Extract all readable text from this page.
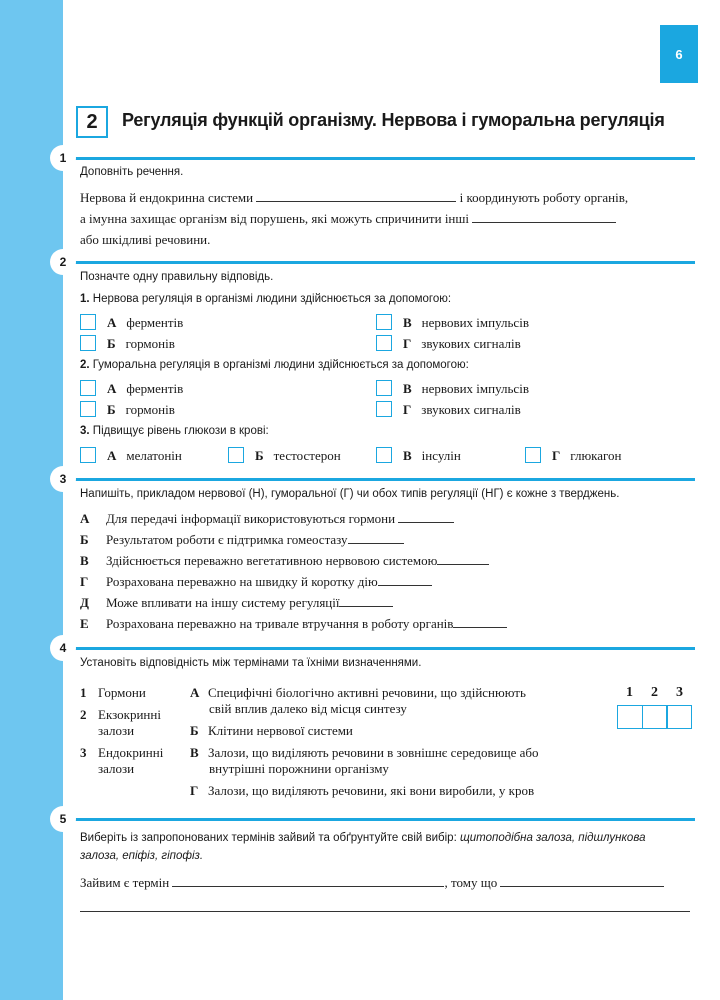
6
2	Регуляція функцій організму. Нервова і гуморальна регуляція
1
Доповніть речення.
Нервова й ендокринна системи	і координують роботу органів,
а імунна захищає організм від порушень, які можуть спричинити інші
або шкідливі речовини.
2
Позначте одну правильну відповідь.
1. Нервова регуляція в організмі людини здійснюється за допомогою:
А ферментів	В нервових імпульсів
Б гормонів	Г звукових сигналів
2. Гуморальна регуляція в організмі людини здійснюється за допомогою:
А ферментів	В нервових імпульсів
Б гормонів	Г звукових сигналів
3. Підвищує рівень глюкози в крові:
А мелатонін	Б тестостерон	В інсулін	Г глюкагон
3
Напишіть, прикладом нервової (Н), гуморальної (Г) чи обох типів регуляції (НГ) є кожне з тверджень.
А Для передачі інформації використовуються гормони
Б Результатом роботи є підтримка гомеостазу
В Здійснюється переважно вегетативною нервовою системою
Г Розрахована переважно на швидку й коротку дію
Д Може впливати на іншу систему регуляції
Е Розрахована переважно на тривале втручання в роботу органів
4
Установіть відповідність між термінами та їхніми визначеннями.
1 Гормони
2 Екзокринні
залози
3 Ендокринні
залози
А Специфічні біологічно активні речовини, що здійснюють
свій вплив далеко від місця синтезу
Б Клітини нервової системи
В Залози, що виділяють речовини в зовнішнє середовище або
внутрішні порожнини організму
Г Залози, що виділяють речовини, які вони виробили, у кров
1 2 3
5
Виберіть із запропонованих термінів зайвий та обґрунтуйте свій вибір: щитоподібна залоза, підшлункова
залоза, епіфіз, гіпофіз.
Зайвим є термін	, тому що
